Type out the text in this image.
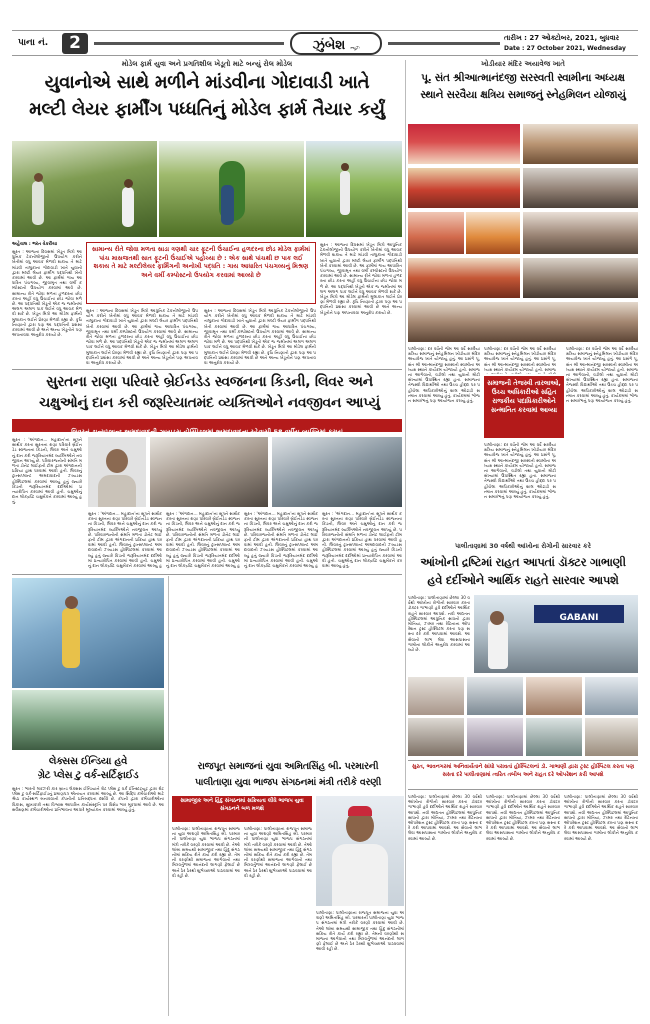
પાના નં.	2	ઝુંબેશ ન્યૂઝ
તારીખ : 27 ઓક્ટોબર, 2021, બુધવાર
Date : 27 October 2021, Wednesday
મોડેલ ફાર્મ યુવા અને પ્રગતિશીલ ખેડૂતો માટે બન્યું રોલ મોડેલ
યુવાનોએ સાથે મળીને માંડવીના ગોદાવાડી ખાતે
મલ્ટી લેયર ફાર્મીંગ પધ્ધતિનું મોડેલ ફાર્મ તૈયાર કર્યું
અહેવાલ : ભરત વેકરીયા
સુરત : આજના દિવસમાં ખેડૂત મિત્રો આધુનિક ટેકનોલોજીનો ઉપયોગ કરીને ખેતીમાં વધુ આવક મેળવી શકાય તે માટે માંડવી તાલુકાના ગોદાવાડી ખાતે યુવાનો દ્વારા મલ્ટી લેયર ફાર્મીંગ પદ્ધતિથી ખેતી કરવામાં આવી છે. આ ફાર્મમાં ગાય આધારિત પંચગવ્ય, જીવામૃત તથા વર્મી કમ્પોસ્ટનો ઉપયોગ કરવામાં આવે છે. સામાન્ય રીતે જોવા મળતા હળદરના છોડ કરતા અહીં વધુ ઉંચાઈના છોડ જોવા મળે છે. આ પદ્ધતિથી ખેડૂતો એક જ જમીનમાં અલગ અલગ પાક લઈને વધુ આવક મેળવી શકે છે. ખેડૂત મિત્રો આ મોડેલ ફાર્મની મુલાકાત લઈને પ્રેરણા મેળવી રહ્યા છે. કૃષિ નિષ્ણાતો દ્વારા પણ આ પદ્ધતિની પ્રશંસા કરવામાં આવી છે અને અન્ય ખેડૂતોને પણ અપનાવવા અનુરોધ કરાયો છે.
સામાન્ય રીતે જોવા મળતા સાડા ત્રણથી ચાર ફૂટની ઉંચાઈના હળદરના છોડ મોડેલ ફાર્મમાં પાંચ માસજતથી સાત ફૂટની ઉંચાઈએ પહોચ્યા છે : એક સાથે પાંચથી છ પાક લઈ શકાય તે માટે મલ્ટીલેયર ફાર્મિંગની અનોખી પદ્ધતિ : ગાય આધારિત પંચગવ્યનું મિશ્રણ અને વર્મી કમ્પોસ્ટનો ઉપયોગ કરવામાં આવ્યો છે
સુરત : આજના દિવસમાં ખેડૂત મિત્રો આધુનિક ટેકનોલોજીનો ઉપયોગ કરીને ખેતીમાં વધુ આવક મેળવી શકાય તે માટે માંડવી તાલુકાના ગોદાવાડી ખાતે યુવાનો દ્વારા મલ્ટી લેયર ફાર્મીંગ પદ્ધતિથી ખેતી કરવામાં આવી છે. આ ફાર્મમાં ગાય આધારિત પંચગવ્ય, જીવામૃત તથા વર્મી કમ્પોસ્ટનો ઉપયોગ કરવામાં આવે છે. સામાન્ય રીતે જોવા મળતા હળદરના છોડ કરતા અહીં વધુ ઉંચાઈના છોડ જોવા મળે છે. આ પદ્ધતિથી ખેડૂતો એક જ જમીનમાં અલગ અલગ પાક લઈને વધુ આવક મેળવી શકે છે. ખેડૂત મિત્રો આ મોડેલ ફાર્મની મુલાકાત લઈને પ્રેરણા મેળવી રહ્યા છે. કૃષિ નિષ્ણાતો દ્વારા પણ આ પદ્ધતિની પ્રશંસા કરવામાં આવી છે અને અન્ય ખેડૂતોને પણ અપનાવવા અનુરોધ કરાયો છે.
સુરત : આજના દિવસમાં ખેડૂત મિત્રો આધુનિક ટેકનોલોજીનો ઉપયોગ કરીને ખેતીમાં વધુ આવક મેળવી શકાય તે માટે માંડવી તાલુકાના ગોદાવાડી ખાતે યુવાનો દ્વારા મલ્ટી લેયર ફાર્મીંગ પદ્ધતિથી ખેતી કરવામાં આવી છે. આ ફાર્મમાં ગાય આધારિત પંચગવ્ય, જીવામૃત તથા વર્મી કમ્પોસ્ટનો ઉપયોગ કરવામાં આવે છે. સામાન્ય રીતે જોવા મળતા હળદરના છોડ કરતા અહીં વધુ ઉંચાઈના છોડ જોવા મળે છે. આ પદ્ધતિથી ખેડૂતો એક જ જમીનમાં અલગ અલગ પાક લઈને વધુ આવક મેળવી શકે છે. ખેડૂત મિત્રો આ મોડેલ ફાર્મની મુલાકાત લઈને પ્રેરણા મેળવી રહ્યા છે. કૃષિ નિષ્ણાતો દ્વારા પણ આ પદ્ધતિની પ્રશંસા કરવામાં આવી છે અને અન્ય ખેડૂતોને પણ અપનાવવા અનુરોધ કરાયો છે.
સુરત : આજના દિવસમાં ખેડૂત મિત્રો આધુનિક ટેકનોલોજીનો ઉપયોગ કરીને ખેતીમાં વધુ આવક મેળવી શકાય તે માટે માંડવી તાલુકાના ગોદાવાડી ખાતે યુવાનો દ્વારા મલ્ટી લેયર ફાર્મીંગ પદ્ધતિથી ખેતી કરવામાં આવી છે. આ ફાર્મમાં ગાય આધારિત પંચગવ્ય, જીવામૃત તથા વર્મી કમ્પોસ્ટનો ઉપયોગ કરવામાં આવે છે. સામાન્ય રીતે જોવા મળતા હળદરના છોડ કરતા અહીં વધુ ઉંચાઈના છોડ જોવા મળે છે. આ પદ્ધતિથી ખેડૂતો એક જ જમીનમાં અલગ અલગ પાક લઈને વધુ આવક મેળવી શકે છે. ખેડૂત મિત્રો આ મોડેલ ફાર્મની મુલાકાત લઈને પ્રેરણા મેળવી રહ્યા છે. કૃષિ નિષ્ણાતો દ્વારા પણ આ પદ્ધતિની પ્રશંસા કરવામાં આવી છે અને અન્ય ખેડૂતોને પણ અપનાવવા અનુરોધ કરાયો છે.
ખોડીયાર મંદિર અયાવેજ ખાતે
પૂ. સંત શ્રીઆત્માનંદજી સરસ્વતી સ્વામીના અધ્યક્ષ
સ્થાને સરવૈયા ક્ષત્રિય સમાજનું સ્નેહમિલન યોજાયું
પાલીતાણા: દર વર્ષની જેમ આ વર્ષે સરવૈયા ક્ષત્રિય સમાજનું સ્નેહમિલન ખોડીયાર મંદિર અયાવેજ ખાતે યોજાયું હતું. આ પ્રસંગે પૂ. સંત શ્રી આત્માનંદજી સરસ્વતી સ્વામીના અધ્યક્ષ સ્થાને કાર્યક્રમ યોજાયો હતો. સમાજના આગેવાનો, વડીલો તથા યુવાનો મોટી સંખ્યામાં ઉપસ્થિત રહ્યા હતા. સમાજના તેજસ્વી વિદ્યાર્થીઓ તથા ઉચ્ચ હોદ્દા પર પહોંચેલા અધિકારીઓનું શાલ ઓઢાડી સન્માન કરવામાં આવ્યું હતું. કાર્યક્રમમાં ભોજન સમારંભનું પણ આયોજન કરાયું હતું.
પાલીતાણા: દર વર્ષની જેમ આ વર્ષે સરવૈયા ક્ષત્રિય સમાજનું સ્નેહમિલન ખોડીયાર મંદિર અયાવેજ ખાતે યોજાયું હતું. આ પ્રસંગે પૂ. સંત શ્રી આત્માનંદજી સરસ્વતી સ્વામીના અધ્યક્ષ સ્થાને કાર્યક્રમ યોજાયો હતો. સમાજ
સમાજની તેજસ્વી તારલાઓ, ઉચ્ચ અધિકારીઓ સહિત રાજકીય પદાધિકારીઓને સન્માનિત કરવામાં આવ્યા
પાલીતાણા: દર વર્ષની જેમ આ વર્ષે સરવૈયા ક્ષત્રિય સમાજનું સ્નેહમિલન ખોડીયાર મંદિર અયાવેજ ખાતે યોજાયું હતું. આ પ્રસંગે પૂ. સંત શ્રી આત્માનંદજી સરસ્વતી સ્વામીના અધ્યક્ષ સ્થાને કાર્યક્રમ યોજાયો હતો. સમાજના આગેવાનો, વડીલો તથા યુવાનો મોટી સંખ્યામાં ઉપસ્થિત રહ્યા હતા. સમાજના તેજસ્વી વિદ્યાર્થીઓ તથા ઉચ્ચ હોદ્દા પર પહોંચેલા અધિકારીઓનું શાલ ઓઢાડી સન્માન કરવામાં આવ્યું હતું. કાર્યક્રમમાં ભોજન સમારંભનું પણ આયોજન કરાયું હતું.
પાલીતાણા: દર વર્ષની જેમ આ વર્ષે સરવૈયા ક્ષત્રિય સમાજનું સ્નેહમિલન ખોડીયાર મંદિર અયાવેજ ખાતે યોજાયું હતું. આ પ્રસંગે પૂ. સંત શ્રી આત્માનંદજી સરસ્વતી સ્વામીના અધ્યક્ષ સ્થાને કાર્યક્રમ યોજાયો હતો. સમાજના આગેવાનો, વડીલો તથા યુવાનો મોટી સંખ્યામાં ઉપસ્થિત રહ્યા હતા. સમાજના તેજસ્વી વિદ્યાર્થીઓ તથા ઉચ્ચ હોદ્દા પર પહોંચેલા અધિકારીઓનું શાલ ઓઢાડી સન્માન કરવામાં આવ્યું હતું. કાર્યક્રમમાં ભોજન સમારંભનું પણ આયોજન કરાયું હતું.
સુરતના રાણા પરિવારે બ્રેઈનડેડ સ્વજનના કિડની, લિવર અને
ચક્ષુઓનું દાન કરી જરૂરિયાતમંદ વ્યક્તિઓને નવજીવન આપ્યું
લિવરનું ટ્રાન્સપ્લાન્ટ અમદાવાદની ઝાયડસ હોસ્પિટલમાં અમદાવાદના રહેવાસી 58 વર્ષીય વ્યક્તિમાં કરાયું
સુરત : 'અંગદાન... મહાદાન'ના સૂત્રને સાર્થક કરતા સુરતના રાણા પરિવારે બ્રેઈનડેડ સ્વજનના કિડની, લિવર અને ચક્ષુઓનું દાન કરી જરૂરિયાતમંદ વ્યક્તિઓને નવજીવન આપ્યું છે. પરિવારજનોની સંમતિ મળતા ડોનેટ લાઈફની ટીમ દ્વારા અંગદાનની પ્રક્રિયા હાથ ધરવામાં આવી હતી. લિવરનું ટ્રાન્સપ્લાન્ટ અમદાવાદની ઝાયડસ હોસ્પિટલમાં કરવામાં આવ્યું હતું જ્યારે કિડની જરૂરિયાતમંદ દર્દીઓમાં પ્રત્યારોપિત કરવામાં આવી હતી. ચક્ષુઓનું દાન લોકદ્રષ્ટિ ચક્ષુબેંકને કરવામાં આવ્યું હતું.
સુરત : 'અંગદાન... મહાદાન'ના સૂત્રને સાર્થક કરતા સુરતના રાણા પરિવારે બ્રેઈનડેડ સ્વજનના કિડની, લિવર અને ચક્ષુઓનું દાન કરી જરૂરિયાતમંદ વ્યક્તિઓને નવજીવન આપ્યું છે. પરિવારજનોની સંમતિ મળતા ડોનેટ લાઈફની ટીમ દ્વારા અંગદાનની પ્રક્રિયા હાથ ધરવામાં આવી હતી. લિવરનું ટ્રાન્સપ્લાન્ટ અમદાવાદની ઝાયડસ હોસ્પિટલમાં કરવામાં આવ્યું હતું જ્યારે કિડની જરૂરિયાતમંદ દર્દીઓમાં પ્રત્યારોપિત કરવામાં આવી હતી. ચક્ષુઓનું દાન લોકદ્રષ્ટિ ચક્ષુબેંકને કરવામાં આવ્યું હ
સુરત : 'અંગદાન... મહાદાન'ના સૂત્રને સાર્થક કરતા સુરતના રાણા પરિવારે બ્રેઈનડેડ સ્વજનના કિડની, લિવર અને ચક્ષુઓનું દાન કરી જરૂરિયાતમંદ વ્યક્તિઓને નવજીવન આપ્યું છે. પરિવારજનોની સંમતિ મળતા ડોનેટ લાઈફની ટીમ દ્વારા અંગદાનની પ્રક્રિયા હાથ ધરવામાં આવી હતી. લિવરનું ટ્રાન્સપ્લાન્ટ અમદાવાદની ઝાયડસ હોસ્પિટલમાં કરવામાં આવ્યું હતું જ્યારે કિડની જરૂરિયાતમંદ દર્દીઓમાં પ્રત્યારોપિત કરવામાં આવી હતી. ચક્ષુઓનું દાન લોકદ્રષ્ટિ ચક્ષુબેંકને કરવામાં આવ્યું હ
સુરત : 'અંગદાન... મહાદાન'ના સૂત્રને સાર્થક કરતા સુરતના રાણા પરિવારે બ્રેઈનડેડ સ્વજનના કિડની, લિવર અને ચક્ષુઓનું દાન કરી જરૂરિયાતમંદ વ્યક્તિઓને નવજીવન આપ્યું છે. પરિવારજનોની સંમતિ મળતા ડોનેટ લાઈફની ટીમ દ્વારા અંગદાનની પ્રક્રિયા હાથ ધરવામાં આવી હતી. લિવરનું ટ્રાન્સપ્લાન્ટ અમદાવાદની ઝાયડસ હોસ્પિટલમાં કરવામાં આવ્યું હતું જ્યારે કિડની જરૂરિયાતમંદ દર્દીઓમાં પ્રત્યારોપિત કરવામાં આવી હતી. ચક્ષુઓનું દાન લોકદ્રષ્ટિ ચક્ષુબેંકને કરવામાં આવ્યું હ
સુરત : 'અંગદાન... મહાદાન'ના સૂત્રને સાર્થક કરતા સુરતના રાણા પરિવારે બ્રેઈનડેડ સ્વજનના કિડની, લિવર અને ચક્ષુઓનું દાન કરી જરૂરિયાતમંદ વ્યક્તિઓને નવજીવન આપ્યું છે. પરિવારજનોની સંમતિ મળતા ડોનેટ લાઈફની ટીમ દ્વારા અંગદાનની પ્રક્રિયા હાથ ધરવામાં આવી હતી. લિવરનું ટ્રાન્સપ્લાન્ટ અમદાવાદની ઝાયડસ હોસ્પિટલમાં કરવામાં આવ્યું હતું જ્યારે કિડની જરૂરિયાતમંદ દર્દીઓમાં પ્રત્યારોપિત કરવામાં આવી હતી. ચક્ષુઓનું દાન લોકદ્રષ્ટિ ચક્ષુબેંકને કરવામાં આવ્યું હતું.
પાલીતાણામાં 30 વર્ષથી આંખોના રોગોની સારવાર કરે
આંખોની દ્રષ્ટિમાં રાહત આપતાં ડૉક્ટર ગાભાણી
હવે દર્દીઓને આર્થિક રાહતે સારવાર આપશે
પાલીતાણા: પાલીતાણામાં છેલ્લા 30 વર્ષથી આંખોના રોગોની સારવાર કરતા ડૉક્ટર ગાભાણી હવે દર્દીઓને આર્થિક રાહતે સારવાર આપશે. નવી અદ્યતન હોસ્પિટલમાં આધુનિક સાધનો દ્વારા મોતિયા, ઝામર તથા રેટિનાના ઓપરેશન ટ્રસ્ટ હોસ્પિટલ કરતા પણ સસ્તા દરે કરી આપવામાં આવશે. આ સેવાનો લાભ લેવા આસપાસના ગામોના લોકોને અનુરોધ કરવામાં આવ્યો છે.
GABANI
સુરત, ભાવનગરમાં અનિવાર્યતાને સાંધો પરાવતાં હોસ્પિટલનાં ડૉ. ગાભાણી દ્વારા ટ્રસ્ટ હોસ્પિટલ કરતા પણ સસ્તા દરે પાલીતાણામાં ત્વરિત તબીબ અને રાહત દરે ઓપરેશન કરી આપશે
પાલીતાણા: પાલીતાણામાં છેલ્લા 30 વર્ષથી આંખોના રોગોની સારવાર કરતા ડૉક્ટર ગાભાણી હવે દર્દીઓને આર્થિક રાહતે સારવાર આપશે. નવી અદ્યતન હોસ્પિટલમાં આધુનિક સાધનો દ્વારા મોતિયા, ઝામર તથા રેટિનાના ઓપરેશન ટ્રસ્ટ હોસ્પિટલ કરતા પણ સસ્તા દરે કરી આપવામાં આવશે. આ સેવાનો લાભ લેવા આસપાસના ગામોના લોકોને અનુરોધ કરવામાં આવ્યો છે.
પાલીતાણા: પાલીતાણામાં છેલ્લા 30 વર્ષથી આંખોના રોગોની સારવાર કરતા ડૉક્ટર ગાભાણી હવે દર્દીઓને આર્થિક રાહતે સારવાર આપશે. નવી અદ્યતન હોસ્પિટલમાં આધુનિક સાધનો દ્વારા મોતિયા, ઝામર તથા રેટિનાના ઓપરેશન ટ્રસ્ટ હોસ્પિટલ કરતા પણ સસ્તા દરે કરી આપવામાં આવશે. આ સેવાનો લાભ લેવા આસપાસના ગામોના લોકોને અનુરોધ કરવામાં આવ્યો છે.
પાલીતાણા: પાલીતાણામાં છેલ્લા 30 વર્ષથી આંખોના રોગોની સારવાર કરતા ડૉક્ટર ગાભાણી હવે દર્દીઓને આર્થિક રાહતે સારવાર આપશે. નવી અદ્યતન હોસ્પિટલમાં આધુનિક સાધનો દ્વારા મોતિયા, ઝામર તથા રેટિનાના ઓપરેશન ટ્રસ્ટ હોસ્પિટલ કરતા પણ સસ્તા દરે કરી આપવામાં આવશે. આ સેવાનો લાભ લેવા આસપાસના ગામોના લોકોને અનુરોધ કરવામાં આવ્યો છે.
લેક્સસ ઈન્ડિયા હવે
ગ્રેટ પ્લેસ ટુ વર્ક-સર્ટિફાઈડ
સુરત : ભારતી લક્ઝરી કાર બ્રાન્ડ લેક્સસ ઈન્ડિયાને ગ્રેટ પ્લેસ ટુ વર્ક ઈન્સ્ટિટ્યૂટ દ્વારા ગ્રેટ પ્લેસ ટુ વર્ક-સર્ટિફાઈડનું પ્રમાણપત્ર એનાયત કરવામાં આવ્યું છે. આ સિદ્ધિ કર્મચારીઓ માટે શ્રેષ્ઠ કાર્યસ્થળ બનાવવાની કંપનીની પ્રતિબદ્ધતા દર્શાવે છે. કંપની દ્વારા કર્મચારીઓના વિકાસ, સુખાકારી તથા વિશ્વાસ આધારિત કાર્યસંસ્કૃતિ પર વિશેષ ભાર મૂકવામાં આવે છે. આ સર્વેક્ષણમાં કર્મચારીઓના પ્રતિભાવના આધારે મૂલ્યાંકન કરવામાં આવ્યું હતું.
રાજપૂત સમાજનાં યુવા અમિતસિંહ બી. પરમારની
પાલીતાણા યુવા ભાજપ સંગઠનમાં મંત્રી તરીકે વરણી
સામાજીક અને હિંદુ સંગઠનમાં સક્રિયતા લીધે ભાજપ યુવા સંગઠનને બળ મળશે
પાલીતાણા: પાલીતાણાના રાજપૂત સમાજના યુવા અગ્રણી અમિતસિંહ બી. પરમારની પાલીતાણા યુવા ભાજપ સંગઠનમાં મંત્રી તરીકે વરણી કરવામાં આવી છે. તેઓ લાંબા સમયથી સામાજીક તથા હિંદુ સંગઠનોમાં સક્રિય રીતે કાર્ય કરી રહ્યા છે. તેમની વરણીથી સમાજના આગેવાનો તથા મિત્રવર્તુળમાં આનંદની લાગણી ફેલાઈ છે અને ઠેર ઠેરથી શુભેચ્છાઓ પાઠવવામાં આવી રહી છે.
પાલીતાણા: પાલીતાણાના રાજપૂત સમાજના યુવા અગ્રણી અમિતસિંહ બી. પરમારની પાલીતાણા યુવા ભાજપ સંગઠનમાં મંત્રી તરીકે વરણી કરવામાં આવી છે. તેઓ લાંબા સમયથી સામાજીક તથા હિંદુ સંગઠનોમાં સક્રિય રીતે કાર્ય કરી રહ્યા છે. તેમની વરણીથી સમાજના આગેવાનો તથા મિત્રવર્તુળમાં આનંદની લાગણી ફેલાઈ છે અને ઠેર ઠેરથી શુભેચ્છાઓ પાઠવવામાં આવી રહી છે.
પાલીતાણા: પાલીતાણાના રાજપૂત સમાજના યુવા અગ્રણી અમિતસિંહ બી. પરમારની પાલીતાણા યુવા ભાજપ સંગઠનમાં મંત્રી તરીકે વરણી કરવામાં આવી છે. તેઓ લાંબા સમયથી સામાજીક તથા હિંદુ સંગઠનોમાં સક્રિય રીતે કાર્ય કરી રહ્યા છે. તેમની વરણીથી સમાજના આગેવાનો તથા મિત્રવર્તુળમાં આનંદની લાગણી ફેલાઈ છે અને ઠેર ઠેરથી શુભેચ્છાઓ પાઠવવામાં આવી રહી છે.
